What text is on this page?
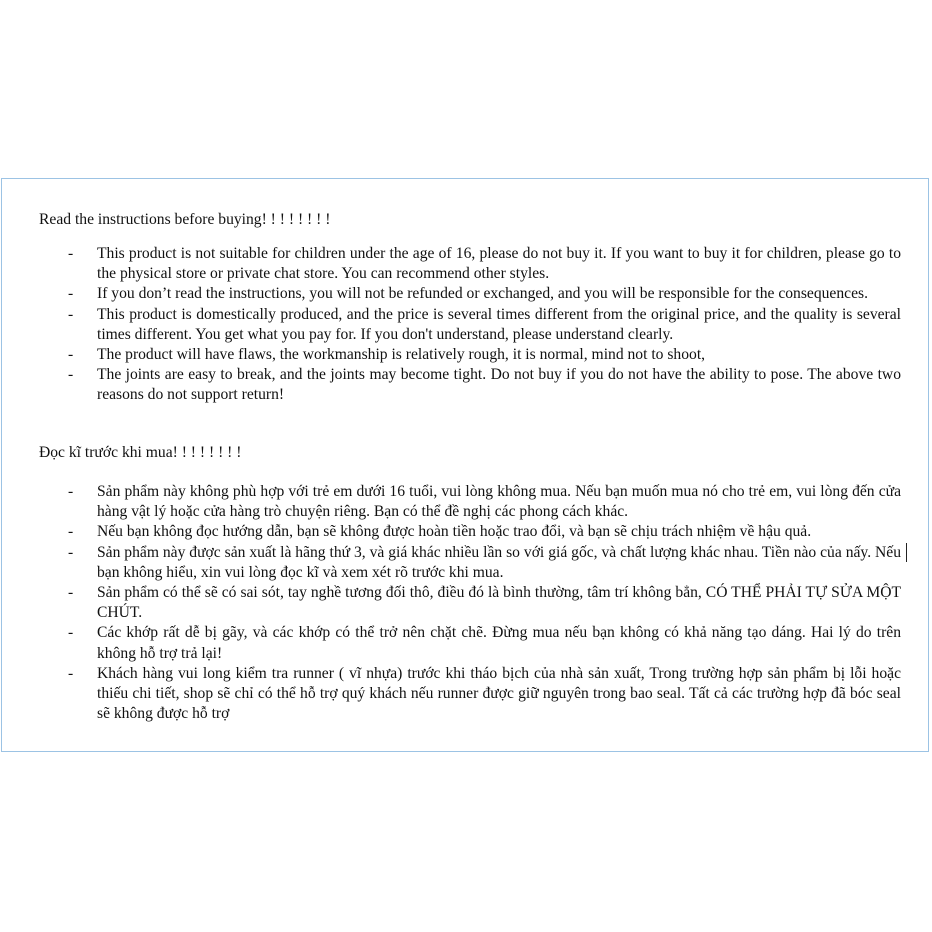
Read the instructions before buying! ! ! ! ! ! ! !

- This product is not suitable for children under the age of 16, please do not buy it. If you want to buy it for children, please go to the physical store or private chat store. You can recommend other styles.
- If you don’t read the instructions, you will not be refunded or exchanged, and you will be responsible for the consequences.
- This product is domestically produced, and the price is several times different from the original price, and the quality is several times different. You get what you pay for. If you don't understand, please understand clearly.
- The product will have flaws, the workmanship is relatively rough, it is normal, mind not to shoot,
- The joints are easy to break, and the joints may become tight. Do not buy if you do not have the ability to pose. The above two reasons do not support return!

Đọc kĩ trước khi mua! ! ! ! ! ! ! !

- Sản phẩm này không phù hợp với trẻ em dưới 16 tuổi, vui lòng không mua. Nếu bạn muốn mua nó cho trẻ em, vui lòng đến cửa hàng vật lý hoặc cửa hàng trò chuyện riêng. Bạn có thể đề nghị các phong cách khác.
- Nếu bạn không đọc hướng dẫn, bạn sẽ không được hoàn tiền hoặc trao đổi, và bạn sẽ chịu trách nhiệm về hậu quả.
- Sản phẩm này được sản xuất là hãng thứ 3, và giá khác nhiều lần so với giá gốc, và chất lượng khác nhau. Tiền nào của nấy. Nếu bạn không hiểu, xin vui lòng đọc kĩ và xem xét rõ trước khi mua.
- Sản phẩm có thể sẽ có sai sót, tay nghề tương đối thô, điều đó là bình thường, tâm trí không bẳn, CÓ THỂ PHẢI TỰ SỬA MỘT CHÚT.
- Các khớp rất dễ bị gãy, và các khớp có thể trở nên chặt chẽ. Đừng mua nếu bạn không có khả năng tạo dáng. Hai lý do trên không hỗ trợ trả lại!
- Khách hàng vui long kiểm tra runner ( vĩ nhựa) trước khi tháo bịch của nhà sản xuất, Trong trường hợp sản phẩm bị lỗi hoặc thiếu chi tiết, shop sẽ chỉ có thể hỗ trợ quý khách nếu runner được giữ nguyên trong bao seal. Tất cả các trường hợp đã bóc seal sẽ không được hỗ trợ
